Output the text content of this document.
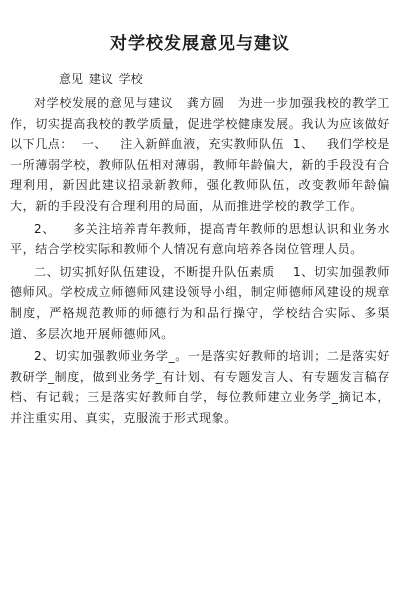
对学校发展意见与建议
意见 建议 学校

对学校发展的意见与建议   龚方圆   为进一步加强我校的教学工作，切实提高我校的教学质量，促进学校健康发展。我认为应该做好以下几点：  一、   注入新鲜血液，充实教师队伍  1、   我们学校是一所薄弱学校，教师队伍相对薄弱，教师年龄偏大，新的手段没有合理利用，新因此建议招录新教师，强化教师队伍，改变教师年龄偏大，新的手段没有合理利用的局面，从而推进学校的教学工作。

2、    多关注培养青年教师，提高青年教师的思想认识和业务水平，结合学校实际和教师个人情况有意向培养各岗位管理人员。

二、切实抓好队伍建设，不断提升队伍素质    1、切实加强教师德师风。学校成立师德师风建设领导小组，制定师德师风建设的规章制度，严格规范教师的师德行为和品行操守，学校结合实际、多渠道、多层次地开展师德师风。

2、切实加强教师业务学_。一是落实好教师的培训；二是落实好教研学_制度，做到业务学_有计划、有专题发言人、有专题发言稿存档、有记载；三是落实好教师自学，每位教师建立业务学_摘记本，并注重实用、真实，克服流于形式现象。
